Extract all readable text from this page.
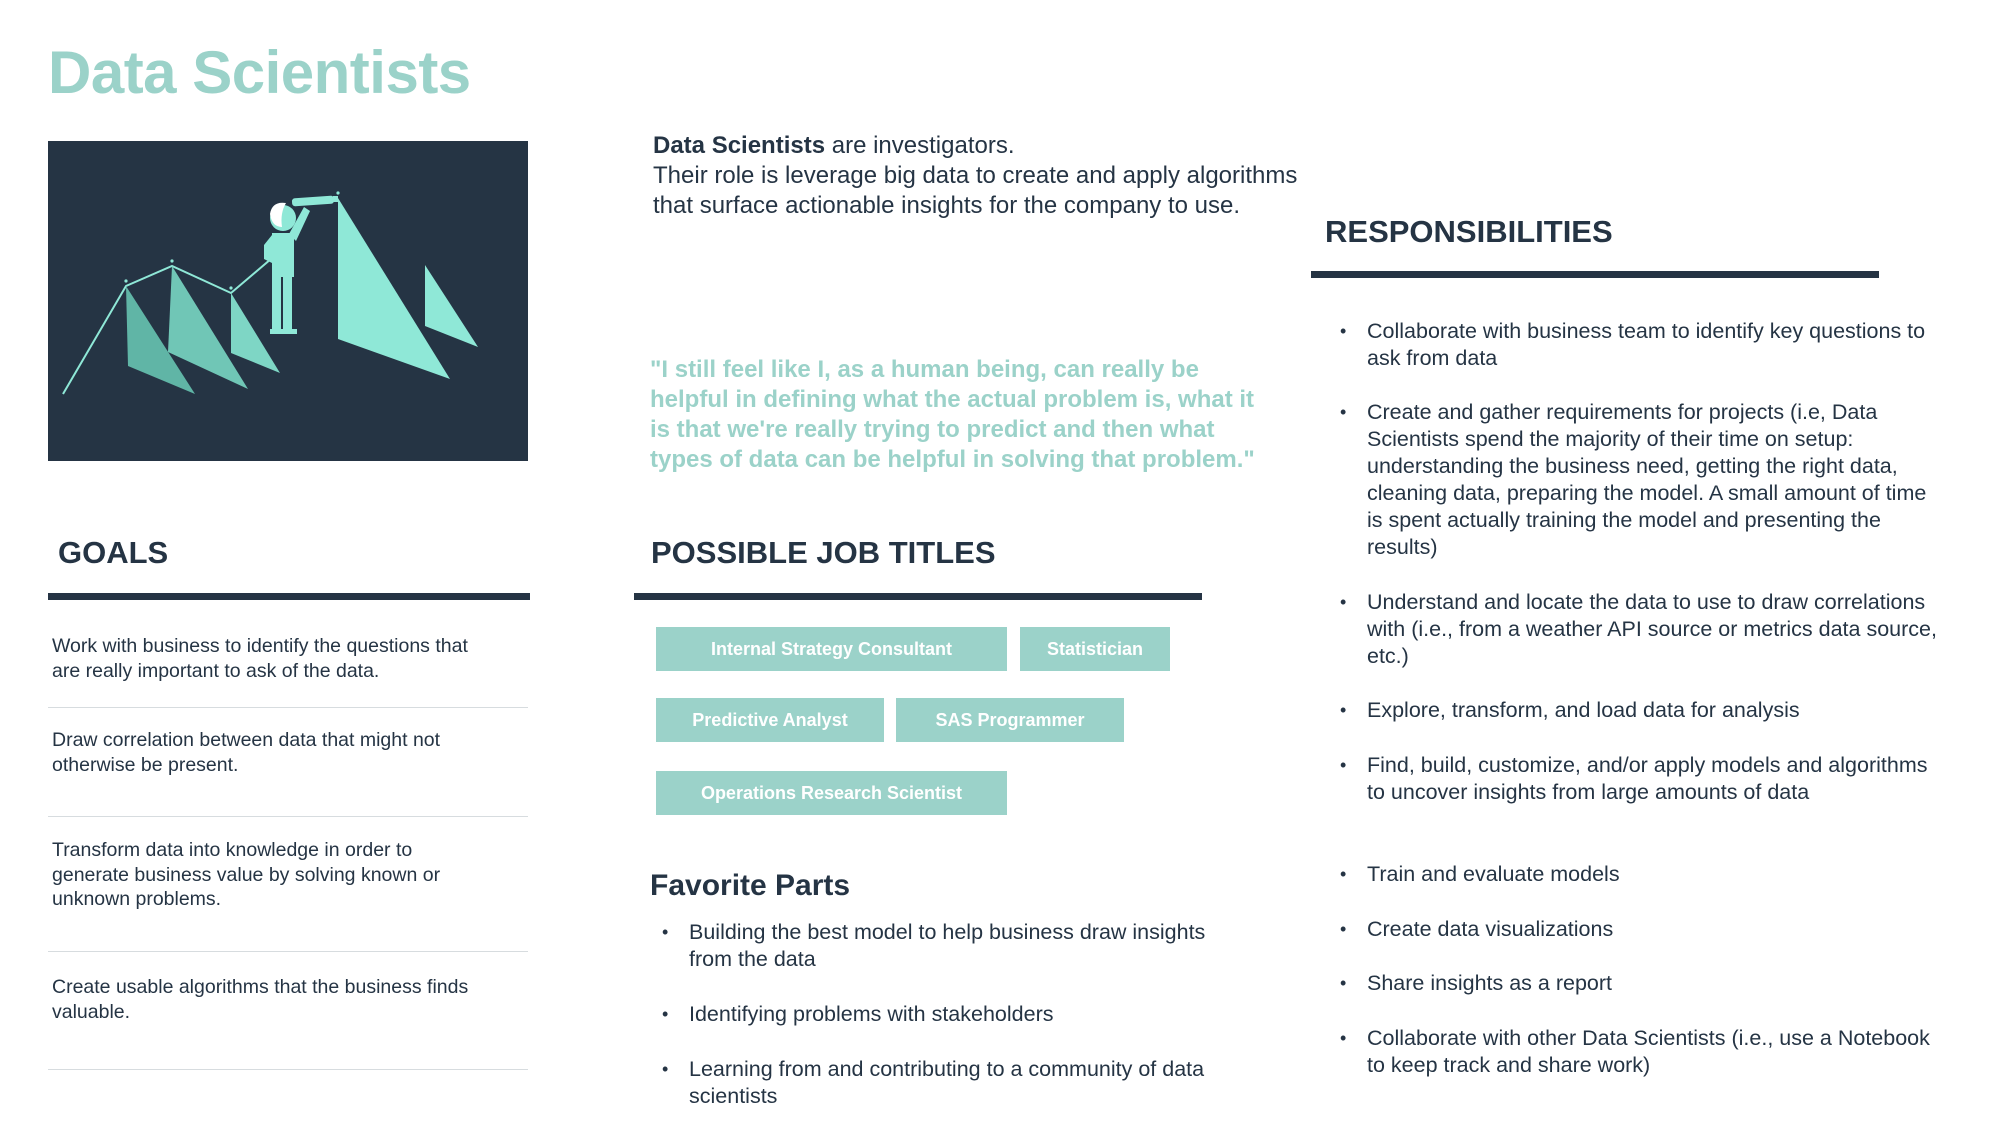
Data Scientists
Data Scientists are investigators.
Their role is leverage big data to create and apply algorithms that surface actionable insights for the company to use.

"I still feel like I, as a human being, can really be helpful in defining what the actual problem is, what it is that we're really trying to predict and then what types of data can be helpful in solving that problem."

GOALS
Work with business to identify the questions that are really important to ask of the data.
Draw correlation between data that might not otherwise be present.
Transform data into knowledge in order to generate business value by solving known or unknown problems.
Create usable algorithms that the business finds valuable.
POSSIBLE JOB TITLES
Internal Strategy Consultant	Statistician
Predictive Analyst	SAS Programmer
Operations Research Scientist
Favorite Parts
• Building the best model to help business draw insights from the data
• Identifying problems with stakeholders
• Learning from and contributing to a community of data scientists
RESPONSIBILITIES
• Collaborate with business team to identify key questions to ask from data
• Create and gather requirements for projects (i.e, Data Scientists spend the majority of their time on setup: understanding the business need, getting the right data, cleaning data, preparing the model. A small amount of time is spent actually training the model and presenting the results)
• Understand and locate the data to use to draw correlations with (i.e., from a weather API source or metrics data source, etc.)
• Explore, transform, and load data for analysis
• Find, build, customize, and/or apply models and algorithms to uncover insights from large amounts of data
• Train and evaluate models
• Create data visualizations
• Share insights as a report
• Collaborate with other Data Scientists (i.e., use a Notebook to keep track and share work)
